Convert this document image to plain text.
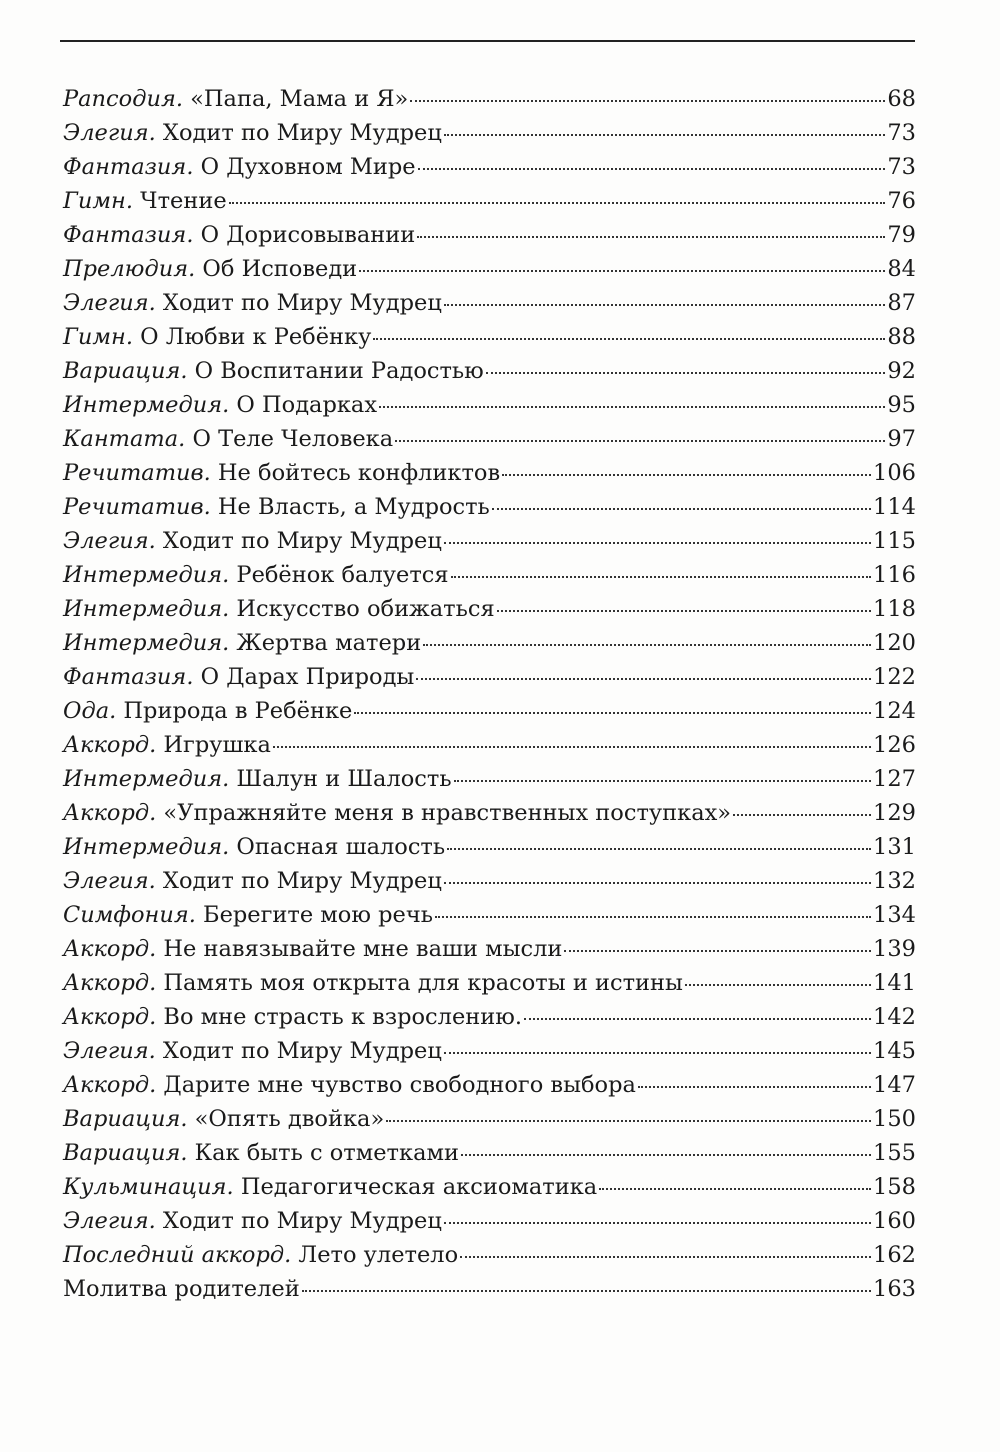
Рапсодия. «Папа, Мама и Я»	68
Элегия. Ходит по Миру Мудрец	73
Фантазия. О Духовном Мире	73
Гимн. Чтение	76
Фантазия. О Дорисовывании	79
Прелюдия. Об Исповеди	84
Элегия. Ходит по Миру Мудрец	87
Гимн. О Любви к Ребёнку	88
Вариация. О Воспитании Радостью	92
Интермедия. О Подарках	95
Кантата. О Теле Человека	97
Речитатив. Не бойтесь конфликтов	106
Речитатив. Не Власть, а Мудрость	114
Элегия. Ходит по Миру Мудрец	115
Интермедия. Ребёнок балуется	116
Интермедия. Искусство обижаться	118
Интермедия. Жертва матери	120
Фантазия. О Дарах Природы	122
Ода. Природа в Ребёнке	124
Аккорд. Игрушка	126
Интермедия. Шалун и Шалость	127
Аккорд. «Упражняйте меня в нравственных поступках»	129
Интермедия. Опасная шалость	131
Элегия. Ходит по Миру Мудрец	132
Симфония. Берегите мою речь	134
Аккорд. Не навязывайте мне ваши мысли	139
Аккорд. Память моя открыта для красоты и истины	141
Аккорд. Во мне страсть к взрослению.	142
Элегия. Ходит по Миру Мудрец	145
Аккорд. Дарите мне чувство свободного выбора	147
Вариация. «Опять двойка»	150
Вариация. Как быть с отметками	155
Кульминация. Педагогическая аксиоматика	158
Элегия. Ходит по Миру Мудрец	160
Последний аккорд. Лето улетело	162
Молитва родителей	163
